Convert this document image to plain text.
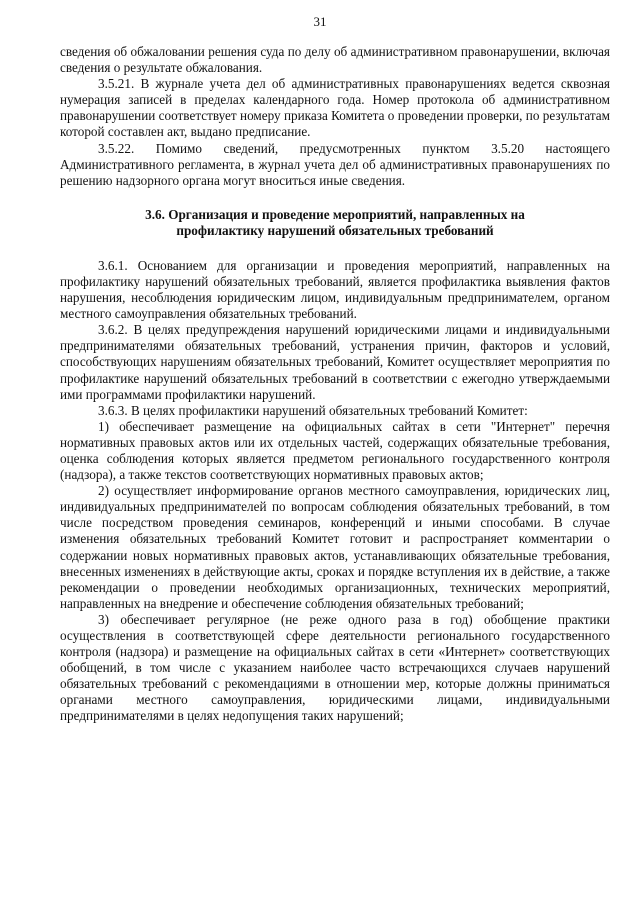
31

сведения об обжаловании решения суда по делу об административном правонарушении, включая сведения о результате обжалования.

3.5.21. В журнале учета дел об административных правонарушениях ведется сквозная нумерация записей в пределах календарного года. Номер протокола об административном правонарушении соответствует номеру приказа Комитета о проведении проверки, по результатам которой составлен акт, выдано предписание.

3.5.22. Помимо сведений, предусмотренных пунктом 3.5.20 настоящего Административного регламента, в журнал учета дел об административных правонарушениях по решению надзорного органа могут вноситься иные сведения.

3.6. Организация и проведение мероприятий, направленных на профилактику нарушений обязательных требований

3.6.1. Основанием для организации и проведения мероприятий, направленных на профилактику нарушений обязательных требований, является профилактика выявления фактов нарушения, несоблюдения юридическим лицом, индивидуальным предпринимателем, органом местного самоуправления обязательных требований.

3.6.2. В целях предупреждения нарушений юридическими лицами и индивидуальными предпринимателями обязательных требований, устранения причин, факторов и условий, способствующих нарушениям обязательных требований, Комитет осуществляет мероприятия по профилактике нарушений обязательных требований в соответствии с ежегодно утверждаемыми ими программами профилактики нарушений.

3.6.3. В целях профилактики нарушений обязательных требований Комитет:

1) обеспечивает размещение на официальных сайтах в сети "Интернет" перечня нормативных правовых актов или их отдельных частей, содержащих обязательные требования, оценка соблюдения которых является предметом регионального государственного контроля (надзора), а также текстов соответствующих нормативных правовых актов;

2) осуществляет информирование органов местного самоуправления, юридических лиц, индивидуальных предпринимателей по вопросам соблюдения обязательных требований, в том числе посредством проведения семинаров, конференций и иными способами. В случае изменения обязательных требований Комитет готовит и распространяет комментарии о содержании новых нормативных правовых актов, устанавливающих обязательные требования, внесенных изменениях в действующие акты, сроках и порядке вступления их в действие, а также рекомендации о проведении необходимых организационных, технических мероприятий, направленных на внедрение и обеспечение соблюдения обязательных требований;

3) обеспечивает регулярное (не реже одного раза в год) обобщение практики осуществления в соответствующей сфере деятельности регионального государственного контроля (надзора) и размещение на официальных сайтах в сети «Интернет» соответствующих обобщений, в том числе с указанием наиболее часто встречающихся случаев нарушений обязательных требований с рекомендациями в отношении мер, которые должны приниматься органами местного самоуправления, юридическими лицами, индивидуальными предпринимателями в целях недопущения таких нарушений;
